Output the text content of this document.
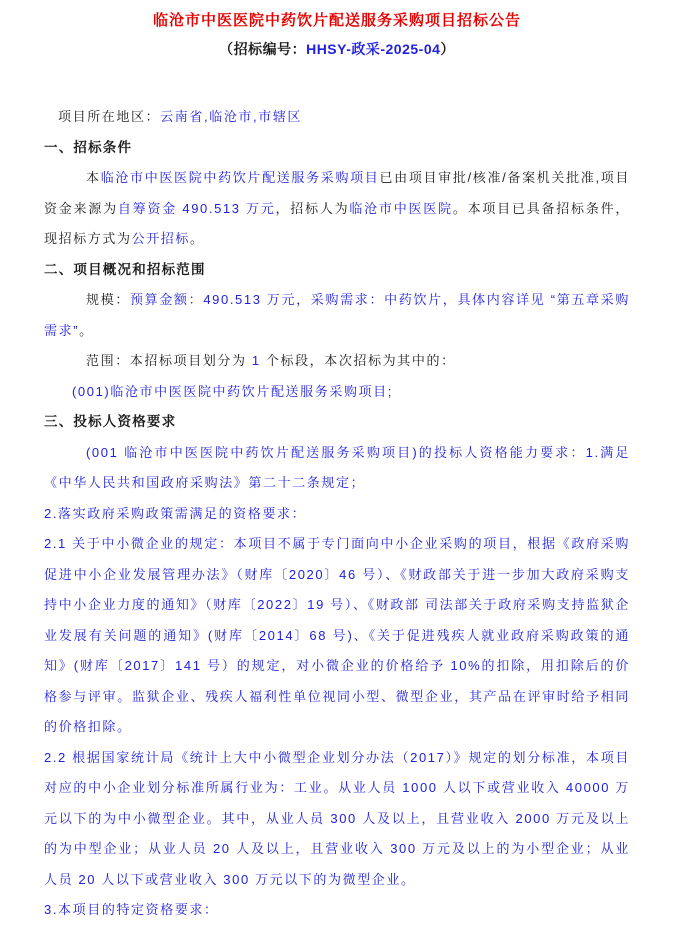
临沧市中医医院中药饮片配送服务采购项目招标公告

（招标编号：HHSY-政采-2025-04）

项目所在地区：云南省,临沧市,市辖区

一、招标条件

本临沧市中医医院中药饮片配送服务采购项目已由项目审批/核准/备案机关批准,项目资金来源为自筹资金 490.513 万元，招标人为临沧市中医医院。本项目已具备招标条件，现招标方式为公开招标。

二、项目概况和招标范围

规模：预算金额：490.513 万元，采购需求：中药饮片，具体内容详见 “第五章采购需求”。

范围：本招标项目划分为 1 个标段，本次招标为其中的：

(001)临沧市中医医院中药饮片配送服务采购项目;

三、投标人资格要求

(001 临沧市中医医院中药饮片配送服务采购项目)的投标人资格能力要求：1.满足《中华人民共和国政府采购法》第二十二条规定；

2.落实政府采购政策需满足的资格要求：

2.1 关于中小微企业的规定：本项目不属于专门面向中小企业采购的项目，根据《政府采购促进中小企业发展管理办法》（财库〔2020〕46 号）、《财政部关于进一步加大政府采购支持中小企业力度的通知》（财库〔2022〕19 号）、《财政部 司法部关于政府采购支持监狱企业发展有关问题的通知》(财库〔2014〕68 号)、《关于促进残疾人就业政府采购政策的通知》(财库〔2017〕141 号）的规定，对小微企业的价格给予 10%的扣除，用扣除后的价格参与评审。监狱企业、残疾人福利性单位视同小型、微型企业，其产品在评审时给予相同的价格扣除。

2.2 根据国家统计局《统计上大中小微型企业划分办法（2017）》规定的划分标准，本项目对应的中小企业划分标准所属行业为：工业。从业人员 1000 人以下或营业收入 40000 万元以下的为中小微型企业。其中，从业人员 300 人及以上，且营业收入 2000 万元及以上的为中型企业；从业人员 20 人及以上，且营业收入 300 万元及以上的为小型企业；从业人员 20 人以下或营业收入 300 万元以下的为微型企业。

3.本项目的特定资格要求：
